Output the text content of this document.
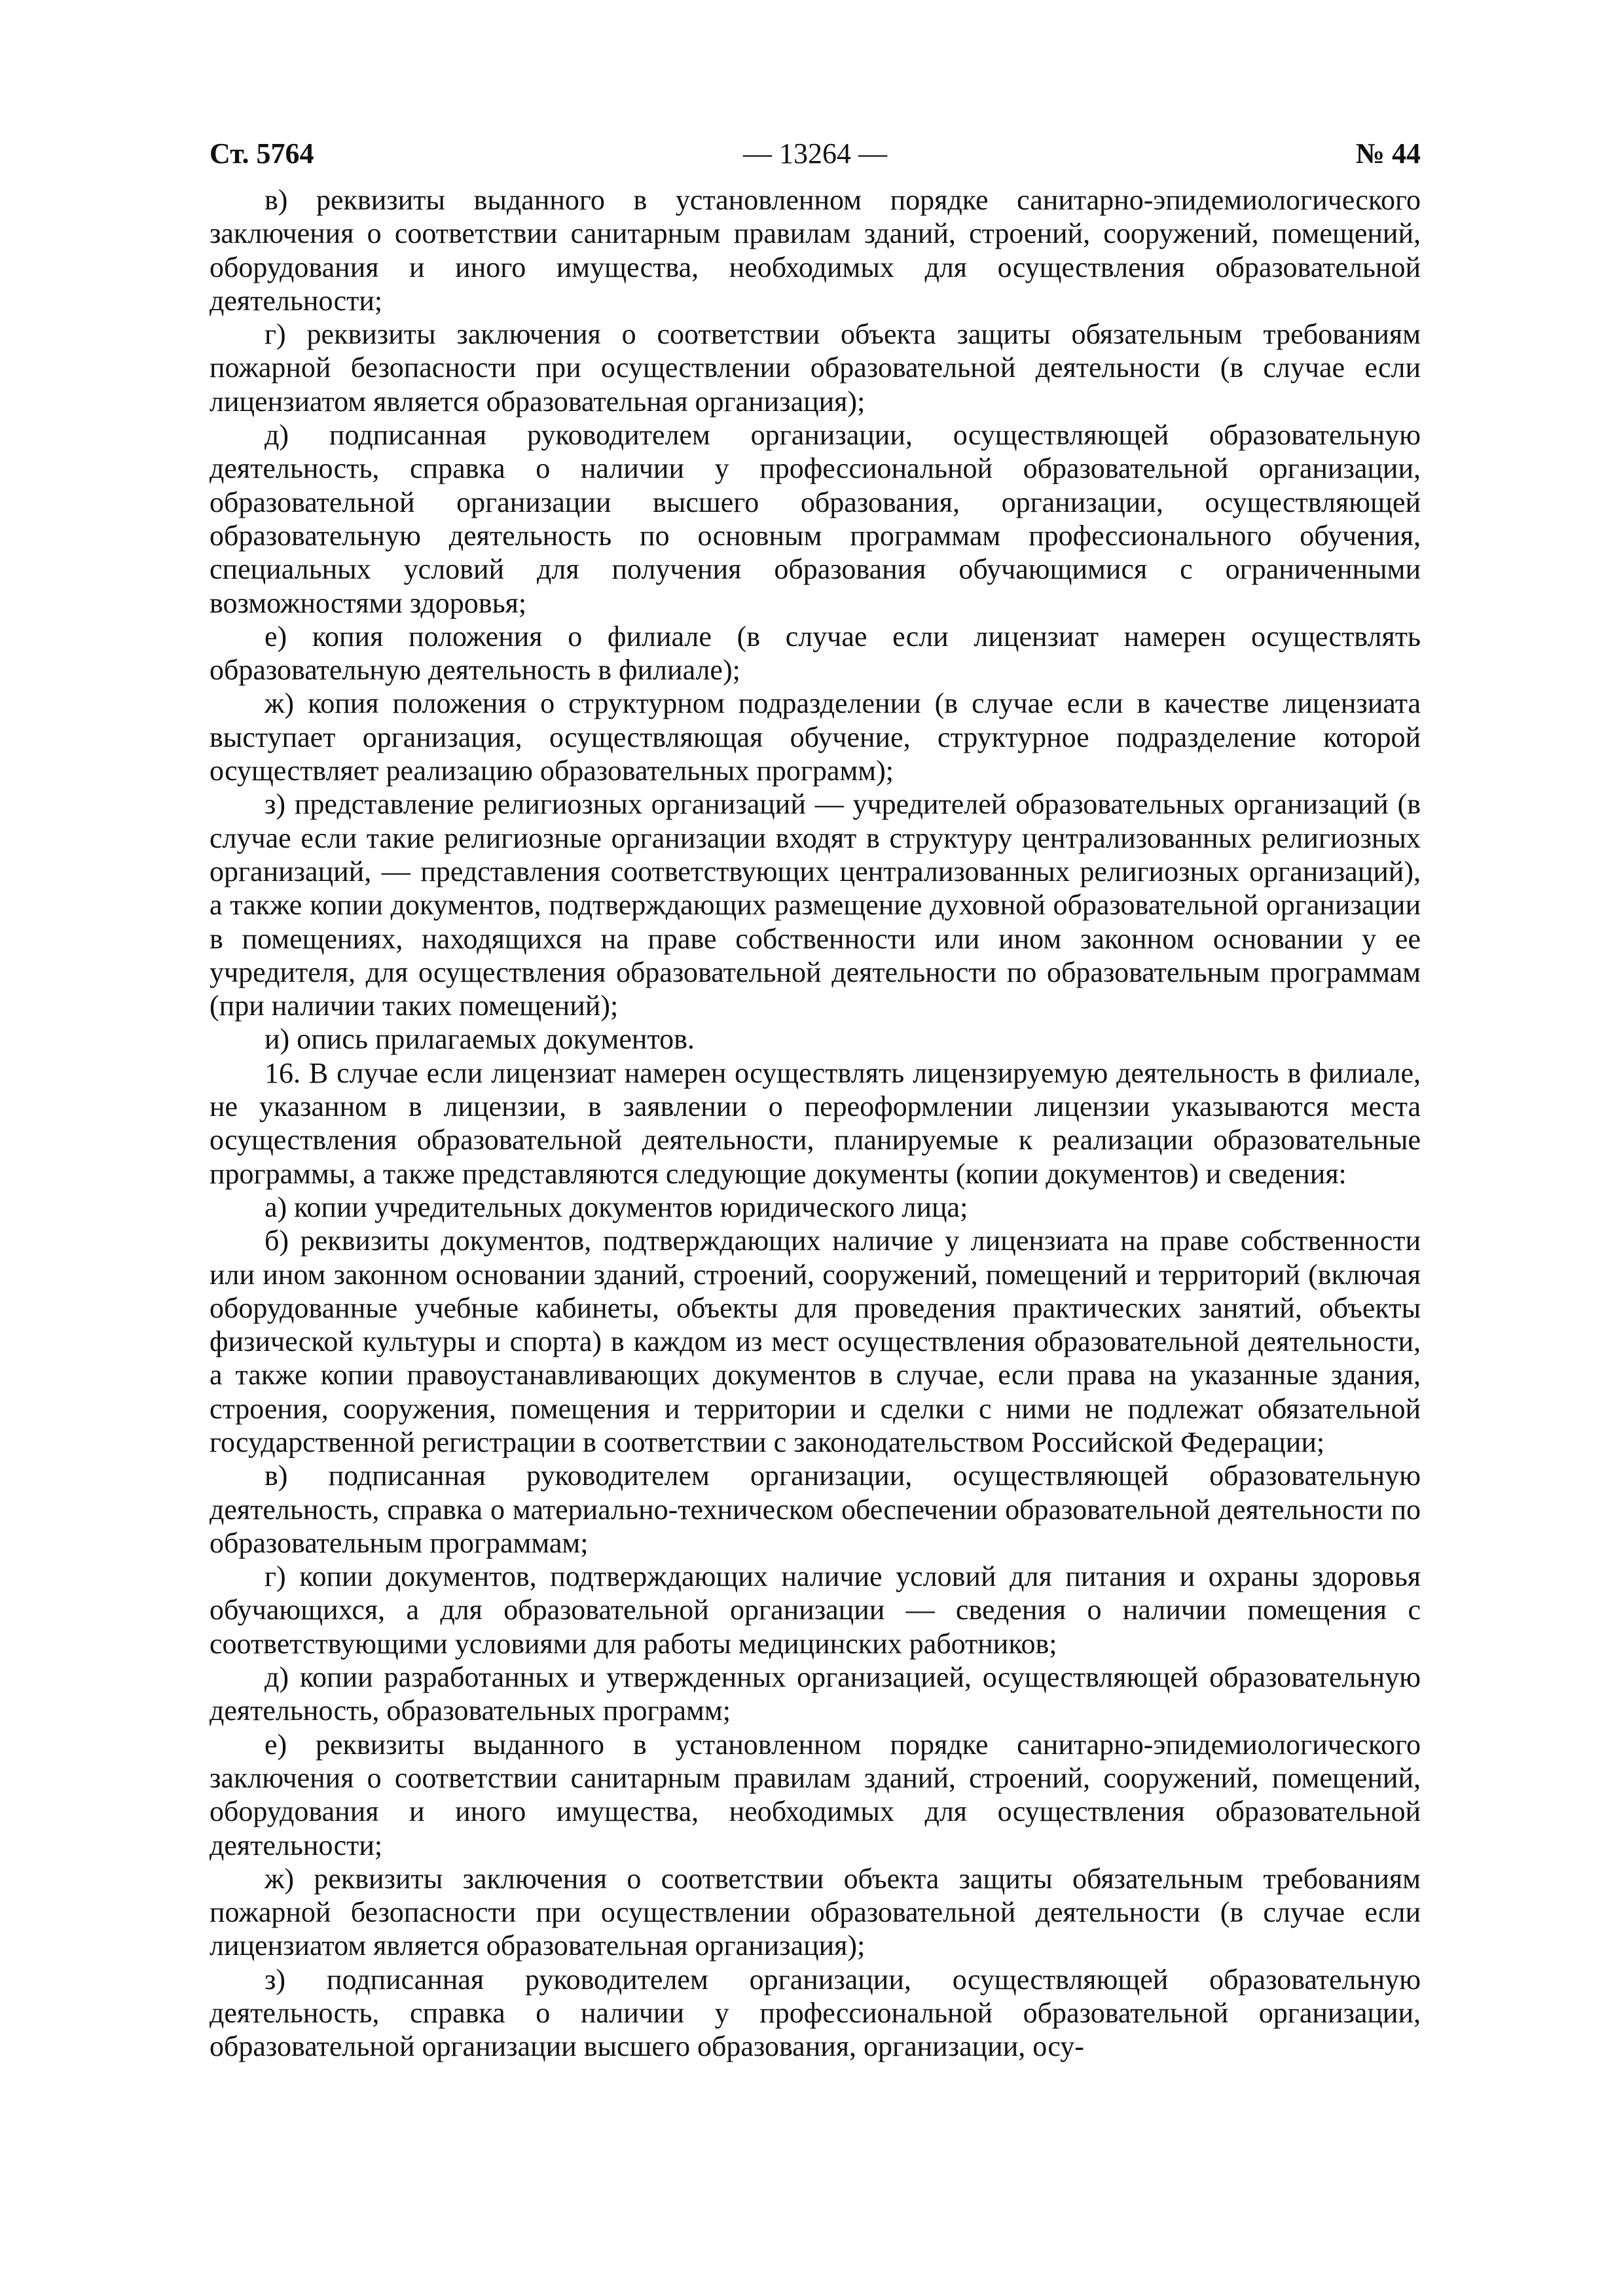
Ст. 5764	— 13264 —	№ 44

в) реквизиты выданного в установленном порядке санитарно-эпидемиологического заключения о соответствии санитарным правилам зданий, строений, сооружений, помещений, оборудования и иного имущества, необходимых для осуществления образовательной деятельности;

г) реквизиты заключения о соответствии объекта защиты обязательным требованиям пожарной безопасности при осуществлении образовательной деятельности (в случае если лицензиатом является образовательная организация);

д) подписанная руководителем организации, осуществляющей образовательную деятельность, справка о наличии у профессиональной образовательной организации, образовательной организации высшего образования, организации, осуществляющей образовательную деятельность по основным программам профессионального обучения, специальных условий для получения образования обучающимися с ограниченными возможностями здоровья;

е) копия положения о филиале (в случае если лицензиат намерен осуществлять образовательную деятельность в филиале);

ж) копия положения о структурном подразделении (в случае если в качестве лицензиата выступает организация, осуществляющая обучение, структурное подразделение которой осуществляет реализацию образовательных программ);

з) представление религиозных организаций — учредителей образовательных организаций (в случае если такие религиозные организации входят в структуру централизованных религиозных организаций, — представления соответствующих централизованных религиозных организаций), а также копии документов, подтверждающих размещение духовной образовательной организации в помещениях, находящихся на праве собственности или ином законном основании у ее учредителя, для осуществления образовательной деятельности по образовательным программам (при наличии таких помещений);

и) опись прилагаемых документов.

16. В случае если лицензиат намерен осуществлять лицензируемую деятельность в филиале, не указанном в лицензии, в заявлении о переоформлении лицензии указываются места осуществления образовательной деятельности, планируемые к реализации образовательные программы, а также представляются следующие документы (копии документов) и сведения:

а) копии учредительных документов юридического лица;

б) реквизиты документов, подтверждающих наличие у лицензиата на праве собственности или ином законном основании зданий, строений, сооружений, помещений и территорий (включая оборудованные учебные кабинеты, объекты для проведения практических занятий, объекты физической культуры и спорта) в каждом из мест осуществления образовательной деятельности, а также копии правоустанавливающих документов в случае, если права на указанные здания, строения, сооружения, помещения и территории и сделки с ними не подлежат обязательной государственной регистрации в соответствии с законодательством Российской Федерации;

в) подписанная руководителем организации, осуществляющей образовательную деятельность, справка о материально-техническом обеспечении образовательной деятельности по образовательным программам;

г) копии документов, подтверждающих наличие условий для питания и охраны здоровья обучающихся, а для образовательной организации — сведения о наличии помещения с соответствующими условиями для работы медицинских работников;

д) копии разработанных и утвержденных организацией, осуществляющей образовательную деятельность, образовательных программ;

е) реквизиты выданного в установленном порядке санитарно-эпидемиологического заключения о соответствии санитарным правилам зданий, строений, сооружений, помещений, оборудования и иного имущества, необходимых для осуществления образовательной деятельности;

ж) реквизиты заключения о соответствии объекта защиты обязательным требованиям пожарной безопасности при осуществлении образовательной деятельности (в случае если лицензиатом является образовательная организация);

з) подписанная руководителем организации, осуществляющей образовательную деятельность, справка о наличии у профессиональной образовательной организации, образовательной организации высшего образования, организации, осу-
